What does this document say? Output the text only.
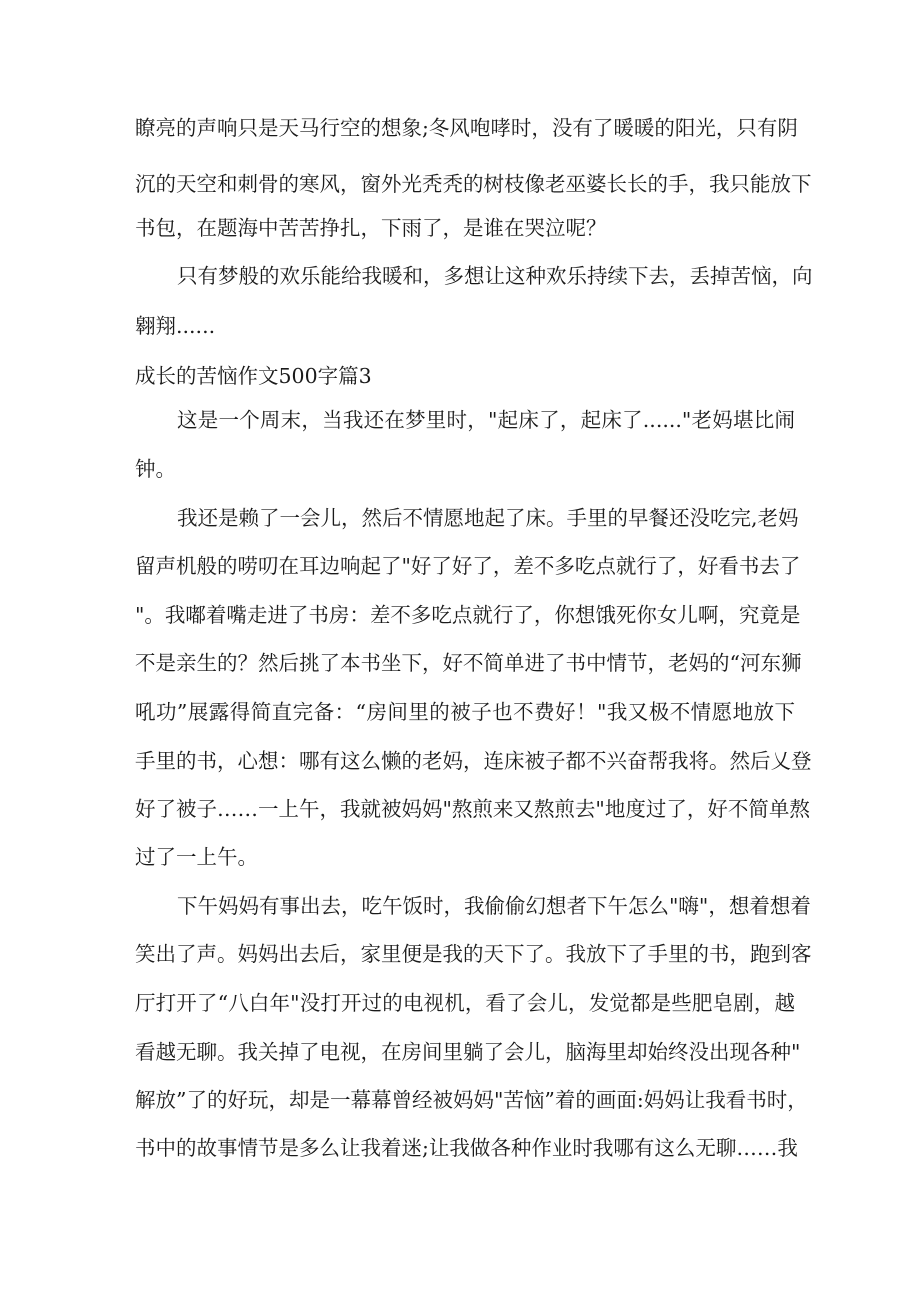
瞭亮的声响只是天马行空的想象;冬风咆哮时，没有了暖暖的阳光，只有阴
沉的天空和刺骨的寒风，窗外光秃秃的树枝像老巫婆长长的手，我只能放下
书包，在题海中苦苦挣扎，下雨了，是谁在哭泣呢？
只有梦般的欢乐能给我暖和，多想让这种欢乐持续下去，丢掉苦恼，向
翱翔......
成长的苦恼作文500字篇3
这是一个周末，当我还在梦里时，"起床了，起床了......"老妈堪比闹
钟。
我还是赖了一会儿，然后不情愿地起了床。手里的早餐还没吃完,老妈
留声机般的唠叨在耳边响起了"好了好了，差不多吃点就行了，好看书去了
"。我嘟着嘴走进了书房：差不多吃点就行了，你想饿死你女儿啊，究竟是
不是亲生的？然后挑了本书坐下，好不简单进了书中情节，老妈的“河东狮
吼功”展露得简直完备：“房间里的被子也不费好！"我又极不情愿地放下
手里的书，心想：哪有这么懒的老妈，连床被子都不兴奋帮我将。然后乂登
好了被子……一上午，我就被妈妈"熬煎来又熬煎去"地度过了，好不简单熬
过了一上午。
下午妈妈有事出去，吃午饭时，我偷偷幻想者下午怎么"嗨"，想着想着
笑出了声。妈妈出去后，家里便是我的天下了。我放下了手里的书，跑到客
厅打开了“八白年"没打开过的电视机，看了会儿，发觉都是些肥皂剧，越
看越无聊。我关掉了电视，在房间里躺了会儿，脑海里却始终没出现各种"
解放”了的好玩，却是一幕幕曾经被妈妈"苦恼”着的画面:妈妈让我看书时，
书中的故事情节是多么让我着迷;让我做各种作业时我哪有这么无聊……我
